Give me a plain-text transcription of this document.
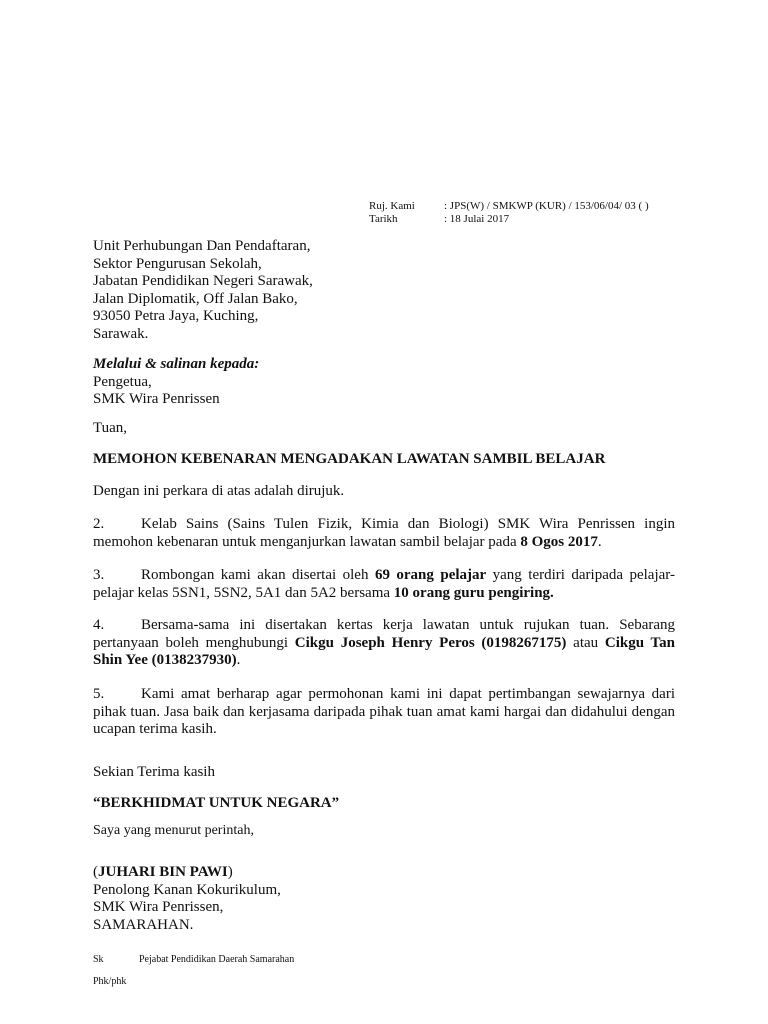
Ruj. Kami	: JPS(W) / SMKWP (KUR) / 153/06/04/ 03 ( )
Tarikh	: 18 Julai 2017
Unit Perhubungan Dan Pendaftaran,
Sektor Pengurusan Sekolah,
Jabatan Pendidikan Negeri Sarawak,
Jalan Diplomatik, Off Jalan Bako,
93050 Petra Jaya, Kuching,
Sarawak.
Melalui & salinan kepada:
Pengetua,
SMK Wira Penrissen
Tuan,
MEMOHON KEBENARAN MENGADAKAN LAWATAN SAMBIL BELAJAR
Dengan ini perkara di atas adalah dirujuk.
2. Kelab Sains (Sains Tulen Fizik, Kimia dan Biologi) SMK Wira Penrissen ingin memohon kebenaran untuk menganjurkan lawatan sambil belajar pada 8 Ogos 2017.
3. Rombongan kami akan disertai oleh 69 orang pelajar yang terdiri daripada pelajar-pelajar kelas 5SN1, 5SN2, 5A1 dan 5A2 bersama 10 orang guru pengiring.
4. Bersama-sama ini disertakan kertas kerja lawatan untuk rujukan tuan. Sebarang pertanyaan boleh menghubungi Cikgu Joseph Henry Peros (0198267175) atau Cikgu Tan Shin Yee (0138237930).
5. Kami amat berharap agar permohonan kami ini dapat pertimbangan sewajarnya dari pihak tuan. Jasa baik dan kerjasama daripada pihak tuan amat kami hargai dan didahului dengan ucapan terima kasih.
Sekian Terima kasih
“BERKHIDMAT UNTUK NEGARA”
Saya yang menurut perintah,
(JUHARI BIN PAWI)
Penolong Kanan Kokurikulum,
SMK Wira Penrissen,
SAMARAHAN.
Sk	Pejabat Pendidikan Daerah Samarahan
Phk/phk
